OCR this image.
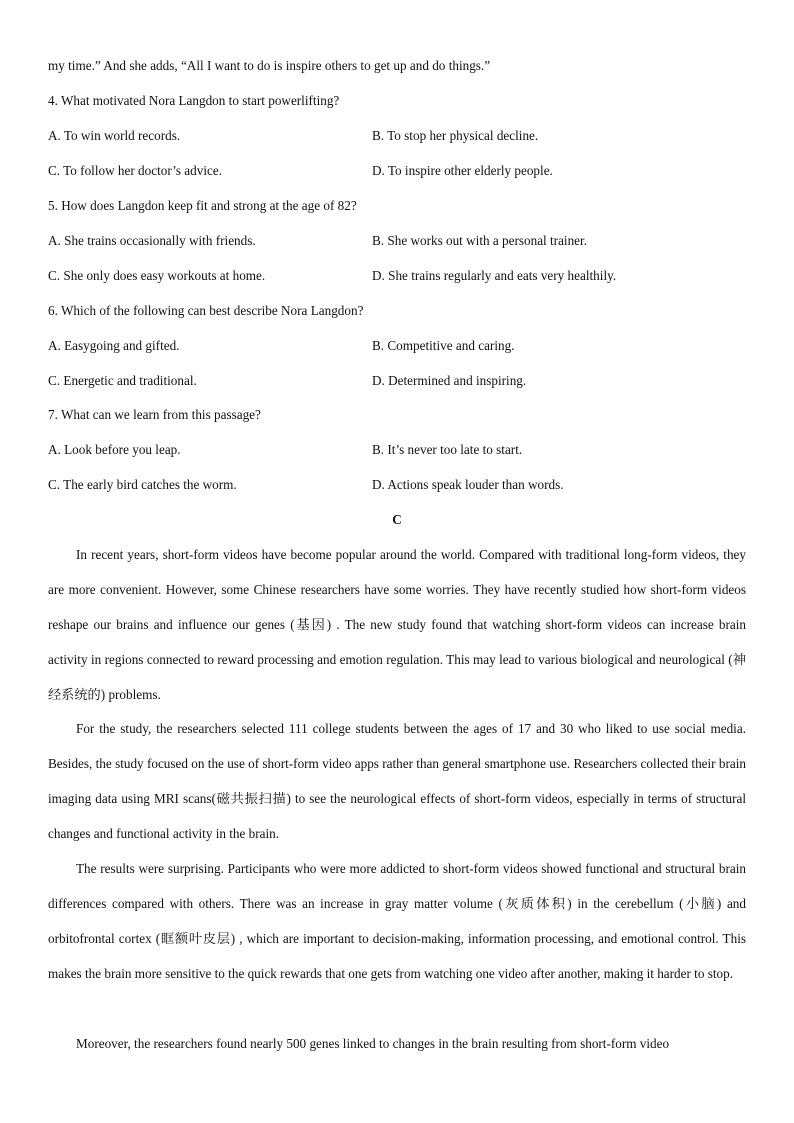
my time.” And she adds, “All I want to do is inspire others to get up and do things.”
4. What motivated Nora Langdon to start powerlifting?
A. To win world records.	B. To stop her physical decline.
C. To follow her doctor’s advice.	D. To inspire other elderly people.
5. How does Langdon keep fit and strong at the age of 82?
A. She trains occasionally with friends.	B. She works out with a personal trainer.
C. She only does easy workouts at home.	D. She trains regularly and eats very healthily.
6. Which of the following can best describe Nora Langdon?
A. Easygoing and gifted.	B. Competitive and caring.
C. Energetic and traditional.	D. Determined and inspiring.
7. What can we learn from this passage?
A. Look before you leap.	B. It’s never too late to start.
C. The early bird catches the worm.	D. Actions speak louder than words.
C

In recent years, short-form videos have become popular around the world. Compared with traditional long-form videos, they are more convenient. However, some Chinese researchers have some worries. They have recently studied how short-form videos reshape our brains and influence our genes (基因) . The new study found that watching short-form videos can increase brain activity in regions connected to reward processing and emotion regulation. This may lead to various biological and neurological (神经系统的) problems.

For the study, the researchers selected 111 college students between the ages of 17 and 30 who liked to use social media. Besides, the study focused on the use of short-form video apps rather than general smartphone use. Researchers collected their brain imaging data using MRI scans(磁共振扫描) to see the neurological effects of short-form videos, especially in terms of structural changes and functional activity in the brain.

The results were surprising. Participants who were more addicted to short-form videos showed functional and structural brain differences compared with others. There was an increase in gray matter volume (灰质体积) in the cerebellum (小脑) and orbitofrontal cortex (眶额叶皮层) , which are important to decision-making, information processing, and emotional control. This makes the brain more sensitive to the quick rewards that one gets from watching one video after another, making it harder to stop.

Moreover, the researchers found nearly 500 genes linked to changes in the brain resulting from short-form video
